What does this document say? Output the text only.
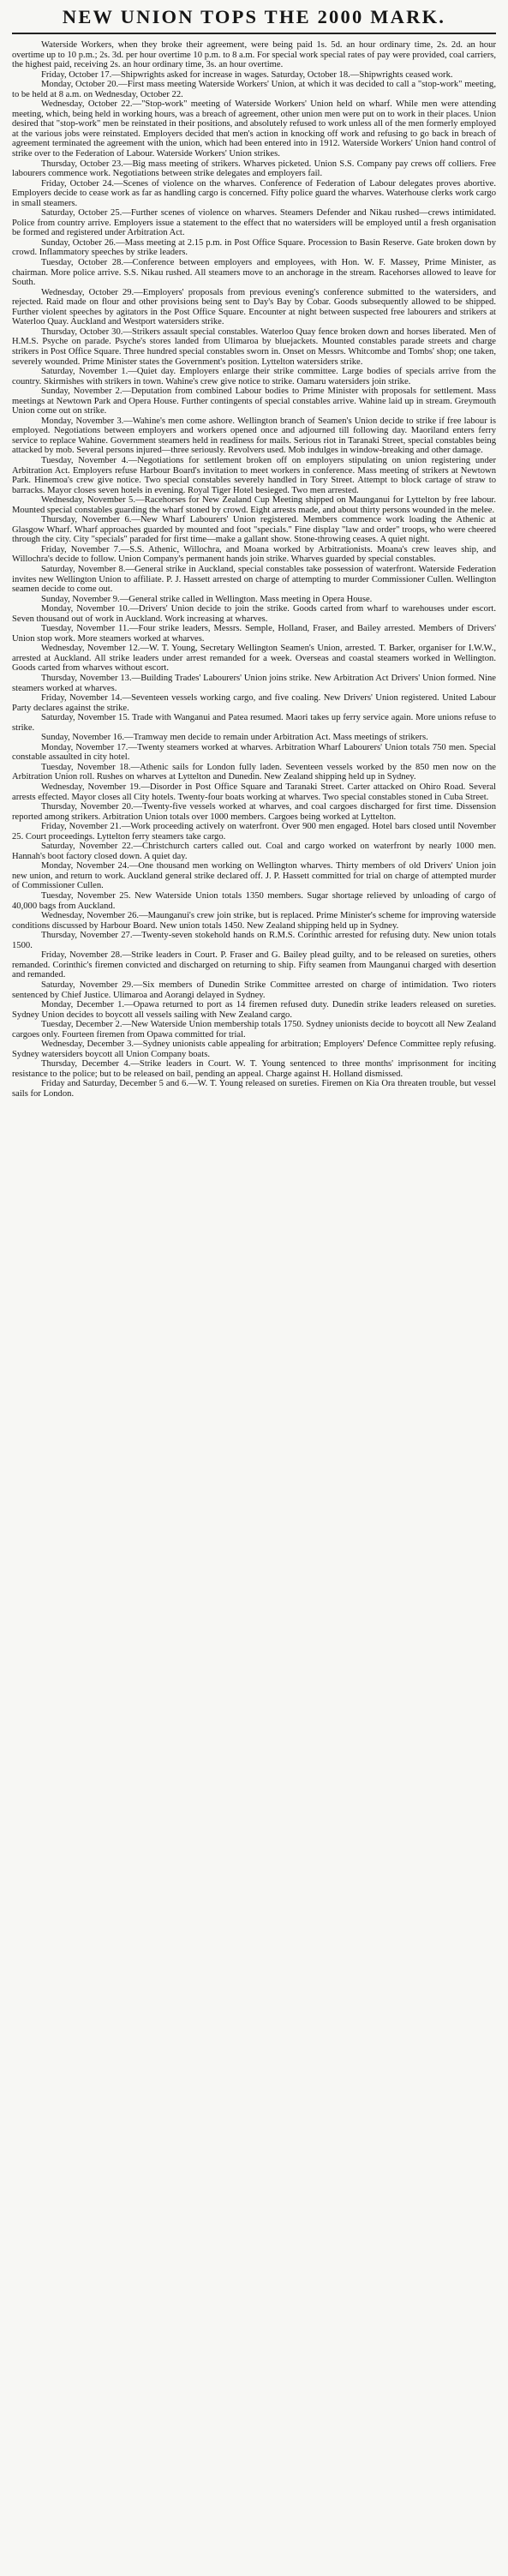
NEW UNION TOPS THE 2000 MARK.

Waterside Workers, when they broke their agreement, were being paid 1s. 5d. an hour ordinary time, 2s. 2d. an hour overtime up to 10 p.m.; 2s. 3d. per hour overtime 10 p.m. to 8 a.m. For special work special rates of pay were provided, coal carriers, the highest paid, receiving 2s. an hour ordinary time, 3s. an hour overtime.

Friday, October 17.—Shipwrights asked for increase in wages. Saturday, October 18.—Shipwrights ceased work.

Monday, October 20.—First mass meeting Waterside Workers' Union, at which it was decided to call a "stop-work" meeting, to be held at 8 a.m. on Wednesday, October 22.

Wednesday, October 22.—"Stop-work" meeting of Waterside Workers' Union held on wharf. While men were attending meeting, which, being held in working hours, was a breach of agreement, other union men were put on to work in their places. Union desired that "stop-work" men be reinstated in their positions, and absolutely refused to work unless all of the men formerly employed at the various jobs were reinstated. Employers decided that men's action in knocking off work and refusing to go back in breach of agreement terminated the agreement with the union, which had been entered into in 1912. Waterside Workers' Union hand control of strike over to the Federation of Labour. Waterside Workers' Union strikes.

Thursday, October 23.—Big mass meeting of strikers. Wharves picketed. Union S.S. Company pay crews off colliers. Free labourers commence work. Negotiations between strike delegates and employers fail.

Friday, October 24.—Scenes of violence on the wharves. Conference of Federation of Labour delegates proves abortive. Employers decide to cease work as far as handling cargo is concerned. Fifty police guard the wharves. Waterhouse clerks work cargo in small steamers.

Saturday, October 25.—Further scenes of violence on wharves. Steamers Defender and Nikau rushed—crews intimidated. Police from country arrive. Employers issue a statement to the effect that no watersiders will be employed until a fresh organisation be formed and registered under Arbitration Act.

Sunday, October 26.—Mass meeting at 2.15 p.m. in Post Office Square. Procession to Basin Reserve. Gate broken down by crowd. Inflammatory speeches by strike leaders.

Tuesday, October 28.—Conference between employers and employees, with Hon. W. F. Massey, Prime Minister, as chairman. More police arrive. S.S. Nikau rushed. All steamers move to an anchorage in the stream. Racehorses allowed to leave for South.

Wednesday, October 29.—Employers' proposals from previous evening's conference submitted to the watersiders, and rejected. Raid made on flour and other provisions being sent to Day's Bay by Cobar. Goods subsequently allowed to be shipped. Further violent speeches by agitators in the Post Office Square. Encounter at night between suspected free labourers and strikers at Waterloo Quay. Auckland and Westport watersiders strike.

Thursday, October 30.—Strikers assault special constables. Waterloo Quay fence broken down and horses liberated. Men of H.M.S. Psyche on parade. Psyche's stores landed from Ulimaroa by bluejackets. Mounted constables parade streets and charge strikers in Post Office Square. Three hundred special constables sworn in. Onset on Messrs. Whitcombe and Tombs' shop; one taken, severely wounded. Prime Minister states the Government's position. Lyttelton watersiders strike.

Saturday, November 1.—Quiet day. Employers enlarge their strike committee. Large bodies of specials arrive from the country. Skirmishes with strikers in town. Wahine's crew give notice to strike. Oamaru watersiders join strike.

Sunday, November 2.—Deputation from combined Labour bodies to Prime Minister with proposals for settlement. Mass meetings at Newtown Park and Opera House. Further contingents of special constables arrive. Wahine laid up in stream. Greymouth Union come out on strike.

Monday, November 3.—Wahine's men come ashore. Wellington branch of Seamen's Union decide to strike if free labour is employed. Negotiations between employers and workers opened once and adjourned till following day. Maoriland enters ferry service to replace Wahine. Government steamers held in readiness for mails. Serious riot in Taranaki Street, special constables being attacked by mob. Several persons injured—three seriously. Revolvers used. Mob indulges in window-breaking and other damage.

Tuesday, November 4.—Negotiations for settlement broken off on employers stipulating on union registering under Arbitration Act. Employers refuse Harbour Board's invitation to meet workers in conference. Mass meeting of strikers at Newtown Park. Hinemoa's crew give notice. Two special constables severely handled in Tory Street. Attempt to block cartage of straw to barracks. Mayor closes seven hotels in evening. Royal Tiger Hotel besieged. Two men arrested.

Wednesday, November 5.—Racehorses for New Zealand Cup Meeting shipped on Maunganui for Lyttelton by free labour. Mounted special constables guarding the wharf stoned by crowd. Eight arrests made, and about thirty persons wounded in the melee.

Thursday, November 6.—New Wharf Labourers' Union registered. Members commence work loading the Athenic at Glasgow Wharf. Wharf approaches guarded by mounted and foot "specials." Fine display "law and order" troops, who were cheered through the city. City "specials" paraded for first time—make a gallant show. Stone-throwing ceases. A quiet night.

Friday, November 7.—S.S. Athenic, Willochra, and Moana worked by Arbitrationists. Moana's crew leaves ship, and Willochra's decide to follow. Union Company's permanent hands join strike. Wharves guarded by special constables.

Saturday, November 8.—General strike in Auckland, special constables take possession of waterfront. Waterside Federation invites new Wellington Union to affiliate. P. J. Hassett arrested on charge of attempting to murder Commissioner Cullen. Wellington seamen decide to come out.

Sunday, November 9.—General strike called in Wellington. Mass meeting in Opera House.

Monday, November 10.—Drivers' Union decide to join the strike. Goods carted from wharf to warehouses under escort. Seven thousand out of work in Auckland. Work increasing at wharves.

Tuesday, November 11.—Four strike leaders, Messrs. Semple, Holland, Fraser, and Bailey arrested. Members of Drivers' Union stop work. More steamers worked at wharves.

Wednesday, November 12.—W. T. Young, Secretary Wellington Seamen's Union, arrested. T. Barker, organiser for I.W.W., arrested at Auckland. All strike leaders under arrest remanded for a week. Overseas and coastal steamers worked in Wellington. Goods carted from wharves without escort.

Thursday, November 13.—Building Trades' Labourers' Union joins strike. New Arbitration Act Drivers' Union formed. Nine steamers worked at wharves.

Friday, November 14.—Seventeen vessels working cargo, and five coaling. New Drivers' Union registered. United Labour Party declares against the strike.

Saturday, November 15. Trade with Wanganui and Patea resumed. Maori takes up ferry service again. More unions refuse to strike.

Sunday, November 16.—Tramway men decide to remain under Arbitration Act. Mass meetings of strikers.

Monday, November 17.—Twenty steamers worked at wharves. Arbitration Wharf Labourers' Union totals 750 men. Special constable assaulted in city hotel.

Tuesday, November 18.—Athenic sails for London fully laden. Seventeen vessels worked by the 850 men now on the Arbitration Union roll. Rushes on wharves at Lyttelton and Dunedin. New Zealand shipping held up in Sydney.

Wednesday, November 19.—Disorder in Post Office Square and Taranaki Street. Carter attacked on Ohiro Road. Several arrests effected. Mayor closes all City hotels. Twenty-four boats working at wharves. Two special constables stoned in Cuba Street.

Thursday, November 20.—Twenty-five vessels worked at wharves, and coal cargoes discharged for first time. Dissension reported among strikers. Arbitration Union totals over 1000 members. Cargoes being worked at Lyttelton.

Friday, November 21.—Work proceeding actively on waterfront. Over 900 men engaged. Hotel bars closed until November 25. Court proceedings. Lyttelton ferry steamers take cargo.

Saturday, November 22.—Christchurch carters called out. Coal and cargo worked on waterfront by nearly 1000 men. Hannah's boot factory closed down. A quiet day.

Monday, November 24.—One thousand men working on Wellington wharves. Thirty members of old Drivers' Union join new union, and return to work. Auckland general strike declared off. J. P. Hassett committed for trial on charge of attempted murder of Commissioner Cullen.

Tuesday, November 25. New Waterside Union totals 1350 members. Sugar shortage relieved by unloading of cargo of 40,000 bags from Auckland.

Wednesday, November 26.—Maunganui's crew join strike, but is replaced. Prime Minister's scheme for improving waterside conditions discussed by Harbour Board. New union totals 1450. New Zealand shipping held up in Sydney.

Thursday, November 27.—Twenty-seven stokehold hands on R.M.S. Corinthic arrested for refusing duty. New union totals 1500.

Friday, November 28.—Strike leaders in Court. P. Fraser and G. Bailey plead guilty, and to be released on sureties, others remanded. Corinthic's firemen convicted and discharged on returning to ship. Fifty seamen from Maunganui charged with desertion and remanded.

Saturday, November 29.—Six members of Dunedin Strike Committee arrested on charge of intimidation. Two rioters sentenced by Chief Justice. Ulimaroa and Aorangi delayed in Sydney.

Monday, December 1.—Opawa returned to port as 14 firemen refused duty. Dunedin strike leaders released on sureties. Sydney Union decides to boycott all vessels sailing with New Zealand cargo.

Tuesday, December 2.—New Waterside Union membership totals 1750. Sydney unionists decide to boycott all New Zealand cargoes only. Fourteen firemen from Opawa committed for trial.

Wednesday, December 3.—Sydney unionists cable appealing for arbitration; Employers' Defence Committee reply refusing. Sydney watersiders boycott all Union Company boats.

Thursday, December 4.—Strike leaders in Court. W. T. Young sentenced to three months' imprisonment for inciting resistance to the police; but to be released on bail, pending an appeal. Charge against H. Holland dismissed.

Friday and Saturday, December 5 and 6.—W. T. Young released on sureties. Firemen on Kia Ora threaten trouble, but vessel sails for London.
